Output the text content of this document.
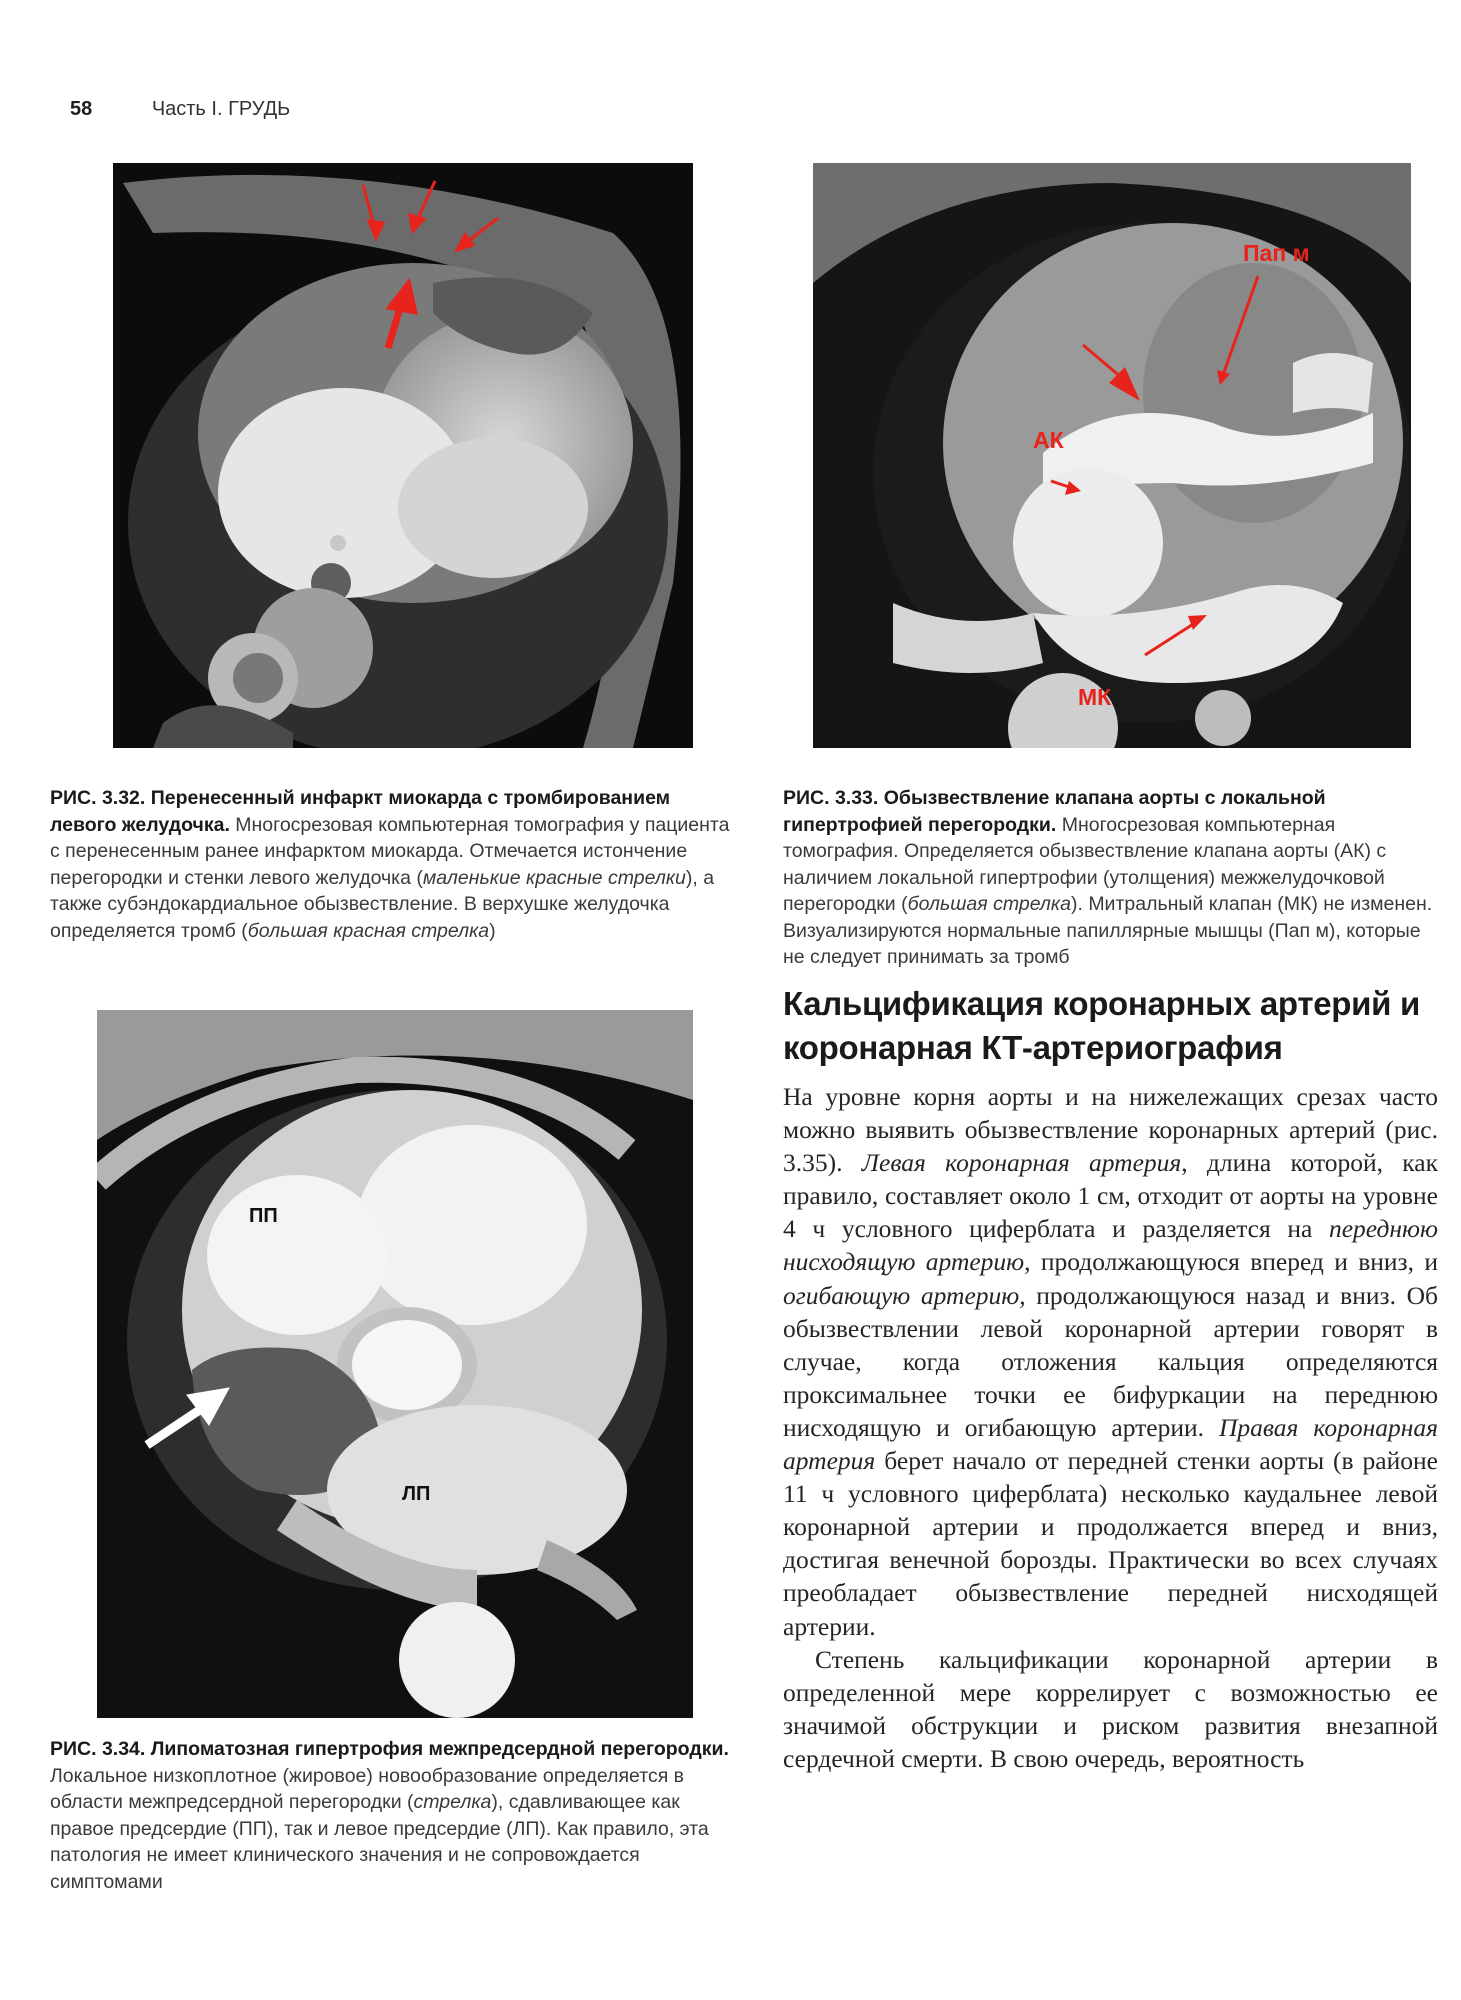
58	Часть I. ГРУДЬ
РИС. 3.32. Перенесенный инфаркт миокарда с тромбированием левого желудочка. Многосрезовая компьютерная томография у пациента с перенесенным ранее инфарктом миокарда. Отмечается истончение перегородки и стенки левого желудочка (маленькие красные стрелки), а также субэндокардиальное обызвествление. В верхушке желудочка определяется тромб (большая красная стрелка)
АК
МК
Пап м
РИС. 3.33. Обызвествление клапана аорты с локальной гипертрофией перегородки. Многосрезовая компьютерная томография. Определяется обызвествление клапана аорты (АК) с наличием локальной гипертрофии (утолщения) межжелудочковой перегородки (большая стрелка). Митральный клапан (МК) не изменен. Визуализируются нормальные папиллярные мышцы (Пап м), которые не следует принимать за тромб
ПП
ЛП
РИС. 3.34. Липоматозная гипертрофия межпредсердной перегородки. Локальное низкоплотное (жировое) новообразование определяется в области межпредсердной перегородки (стрелка), сдавливающее как правое предсердие (ПП), так и левое предсердие (ЛП). Как правило, эта патология не имеет клинического значения и не сопровождается симптомами
Кальцификация коронарных артерий и коронарная КТ-артериография

На уровне корня аорты и на нижележащих срезах часто можно выявить обызвествление коронарных артерий (рис. 3.35). Левая коронарная артерия, длина которой, как правило, составляет около 1 см, отходит от аорты на уровне 4 ч условного циферблата и разделяется на переднюю нисходящую артерию, продолжающуюся вперед и вниз, и огибающую артерию, продолжающуюся назад и вниз. Об обызвествлении левой коронарной артерии говорят в случае, когда отложения кальция определяются проксимальнее точки ее бифуркации на переднюю нисходящую и огибающую артерии. Правая коронарная артерия берет начало от передней стенки аорты (в районе 11 ч условного циферблата) несколько каудальнее левой коронарной артерии и продолжается вперед и вниз, достигая венечной борозды. Практически во всех случаях преобладает обызвествление передней нисходящей артерии.

Степень кальцификации коронарной артерии в определенной мере коррелирует с возможностью ее значимой обструкции и риском развития внезапной сердечной смерти. В свою очередь, вероятность
